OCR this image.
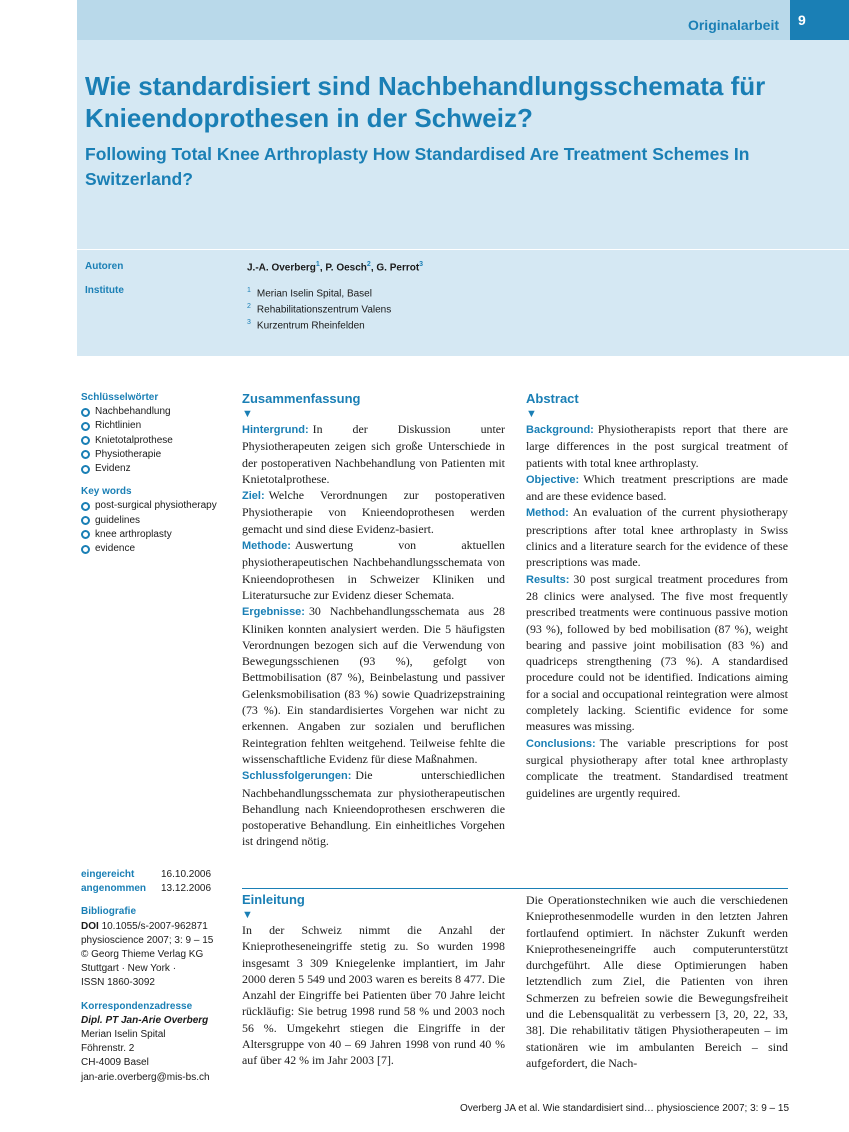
Originalarbeit	9
Wie standardisiert sind Nachbehandlungsschemata für Knieendoprothesen in der Schweiz?
Following Total Knee Arthroplasty How Standardised Are Treatment Schemes In Switzerland?
Autoren	J.-A. Overberg$^1$, P. Oesch$^2$, G. Perrot$^3$
Institute	$^1$ Merian Iselin Spital, Basel
$^2$ Rehabilitationszentrum Valens
$^3$ Kurzentrum Rheinfelden
Schlüsselwörter
Nachbehandlung
Richtlinien
Knietotalprothese
Physiotherapie
Evidenz
Key words
post-surgical physiotherapy
guidelines
knee arthroplasty
evidence
eingereicht	16.10.2006
angenommen	13.12.2006
Bibliografie

DOI 10.1055/s-2007-962871

physioscience 2007; 3: 9 – 15

© Georg Thieme Verlag KG

Stuttgart · New York ·

ISSN 1860-3092

Korrespondenzadresse

Dipl. PT Jan-Arie Overberg

Merian Iselin Spital

Föhrenstr. 2

CH-4009 Basel

jan-arie.overberg@mis-bs.ch

Zusammenfassung
▼

Hintergrund: In der Diskussion unter Physiotherapeuten zeigen sich große Unterschiede in der postoperativen Nachbehandlung von Patienten mit Knietotalprothese.

Ziel: Welche Verordnungen zur postoperativen Physiotherapie von Knieendoprothesen werden gemacht und sind diese Evidenz-basiert.

Methode: Auswertung von aktuellen physiotherapeutischen Nachbehandlungsschemata von Knieendoprothesen in Schweizer Kliniken und Literatursuche zur Evidenz dieser Schemata.

Ergebnisse: 30 Nachbehandlungsschemata aus 28 Kliniken konnten analysiert werden. Die 5 häufigsten Verordnungen bezogen sich auf die Verwendung von Bewegungsschienen (93 %), gefolgt von Bettmobilisation (87 %), Beinbelastung und passiver Gelenksmobilisation (83 %) sowie Quadrizepstraining (73 %). Ein standardisiertes Vorgehen war nicht zu erkennen. Angaben zur sozialen und beruflichen Reintegration fehlten weitgehend. Teilweise fehlte die wissenschaftliche Evidenz für diese Maßnahmen.

Schlussfolgerungen: Die unterschiedlichen Nachbehandlungsschemata zur physiotherapeutischen Behandlung nach Knieendoprothesen erschweren die postoperative Behandlung. Ein einheitliches Vorgehen ist dringend nötig.

Abstract
▼

Background: Physiotherapists report that there are large differences in the post surgical treatment of patients with total knee arthroplasty.

Objective: Which treatment prescriptions are made and are these evidence based.

Method: An evaluation of the current physiotherapy prescriptions after total knee arthroplasty in Swiss clinics and a literature search for the evidence of these prescriptions was made.

Results: 30 post surgical treatment procedures from 28 clinics were analysed. The five most frequently prescribed treatments were continuous passive motion (93 %), followed by bed mobilisation (87 %), weight bearing and passive joint mobilisation (83 %) and quadriceps strengthening (73 %). A standardised procedure could not be identified. Indications aiming for a social and occupational reintegration were almost completely lacking. Scientific evidence for some measures was missing.

Conclusions: The variable prescriptions for post surgical physiotherapy after total knee arthroplasty complicate the treatment. Standardised treatment guidelines are urgently required.

Einleitung
▼

In der Schweiz nimmt die Anzahl der Knieprotheseneingriffe stetig zu. So wurden 1998 insgesamt 3 309 Kniegelenke implantiert, im Jahr 2000 deren 5 549 und 2003 waren es bereits 8 477. Die Anzahl der Eingriffe bei Patienten über 70 Jahre leicht rückläufig: Sie betrug 1998 rund 58 % und 2003 noch 56 %. Umgekehrt stiegen die Eingriffe in der Altersgruppe von 40 – 69 Jahren 1998 von rund 40 % auf über 42 % im Jahr 2003 [7].

Die Operationstechniken wie auch die verschiedenen Knieprothesenmodelle wurden in den letzten Jahren fortlaufend optimiert. In nächster Zukunft werden Knieprotheseneingriffe auch computerunterstützt durchgeführt. Alle diese Optimierungen haben letztendlich zum Ziel, die Patienten von ihren Schmerzen zu befreien sowie die Bewegungsfreiheit und die Lebensqualität zu verbessern [3, 20, 22, 33, 38]. Die rehabilitativ tätigen Physiotherapeuten – im stationären wie im ambulanten Bereich – sind aufgefordert, die Nach-

Overberg JA et al. Wie standardisiert sind… physioscience 2007; 3: 9 – 15
